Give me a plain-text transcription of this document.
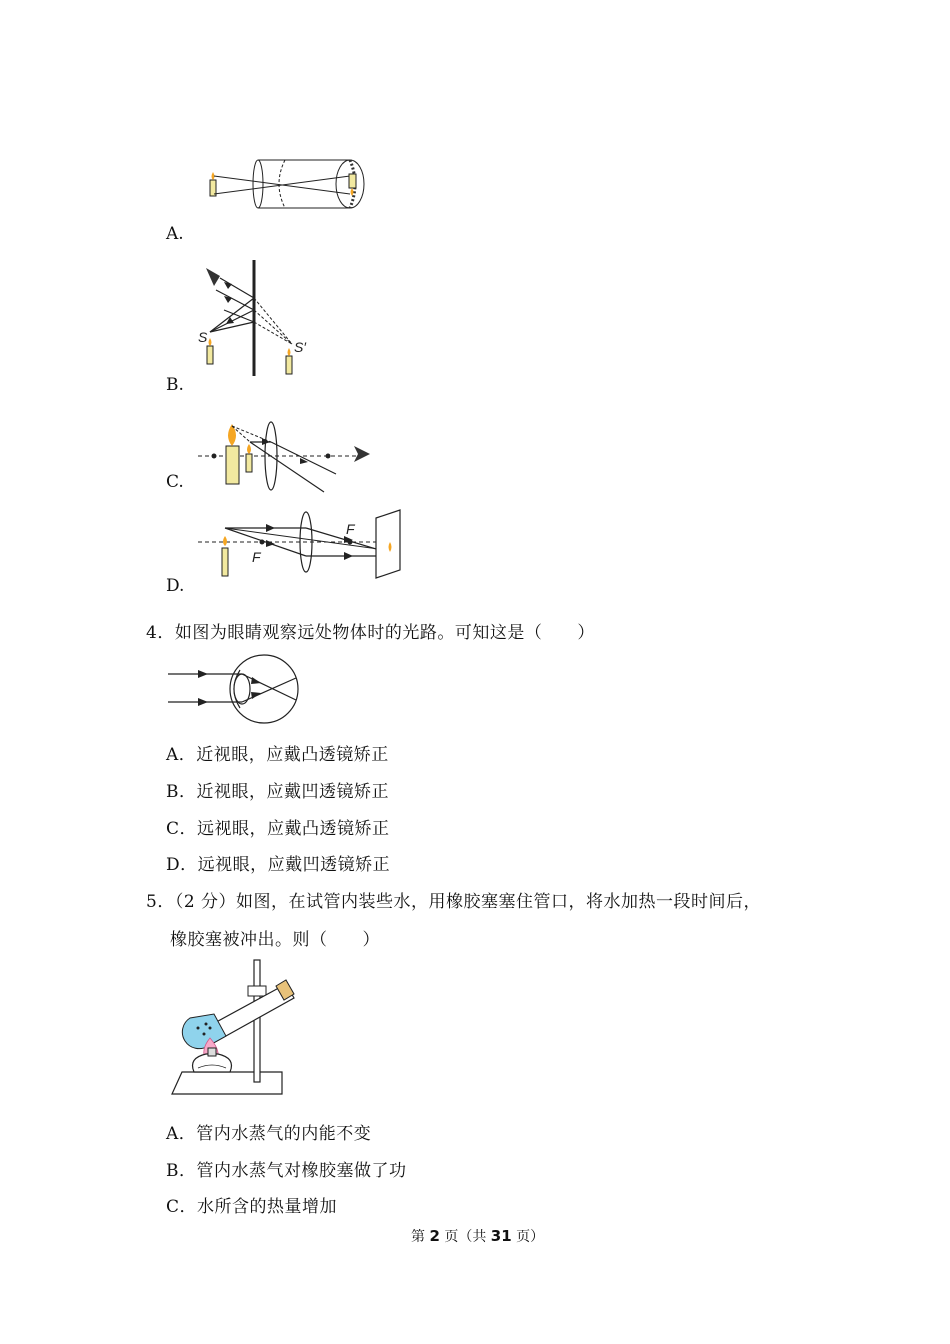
A.
S
S′
B.
C.
F
F
D.
4．如图为眼睛观察远处物体时的光路。可知这是（　　）
A．近视眼，应戴凸透镜矫正
B．近视眼，应戴凹透镜矫正
C．远视眼，应戴凸透镜矫正
D．远视眼，应戴凹透镜矫正
5．（2 分）如图，在试管内装些水，用橡胶塞塞住管口，将水加热一段时间后，
橡胶塞被冲出。则（　　）
A．管内水蒸气的内能不变
B．管内水蒸气对橡胶塞做了功
C．水所含的热量增加
第 2 页（共 31 页）
